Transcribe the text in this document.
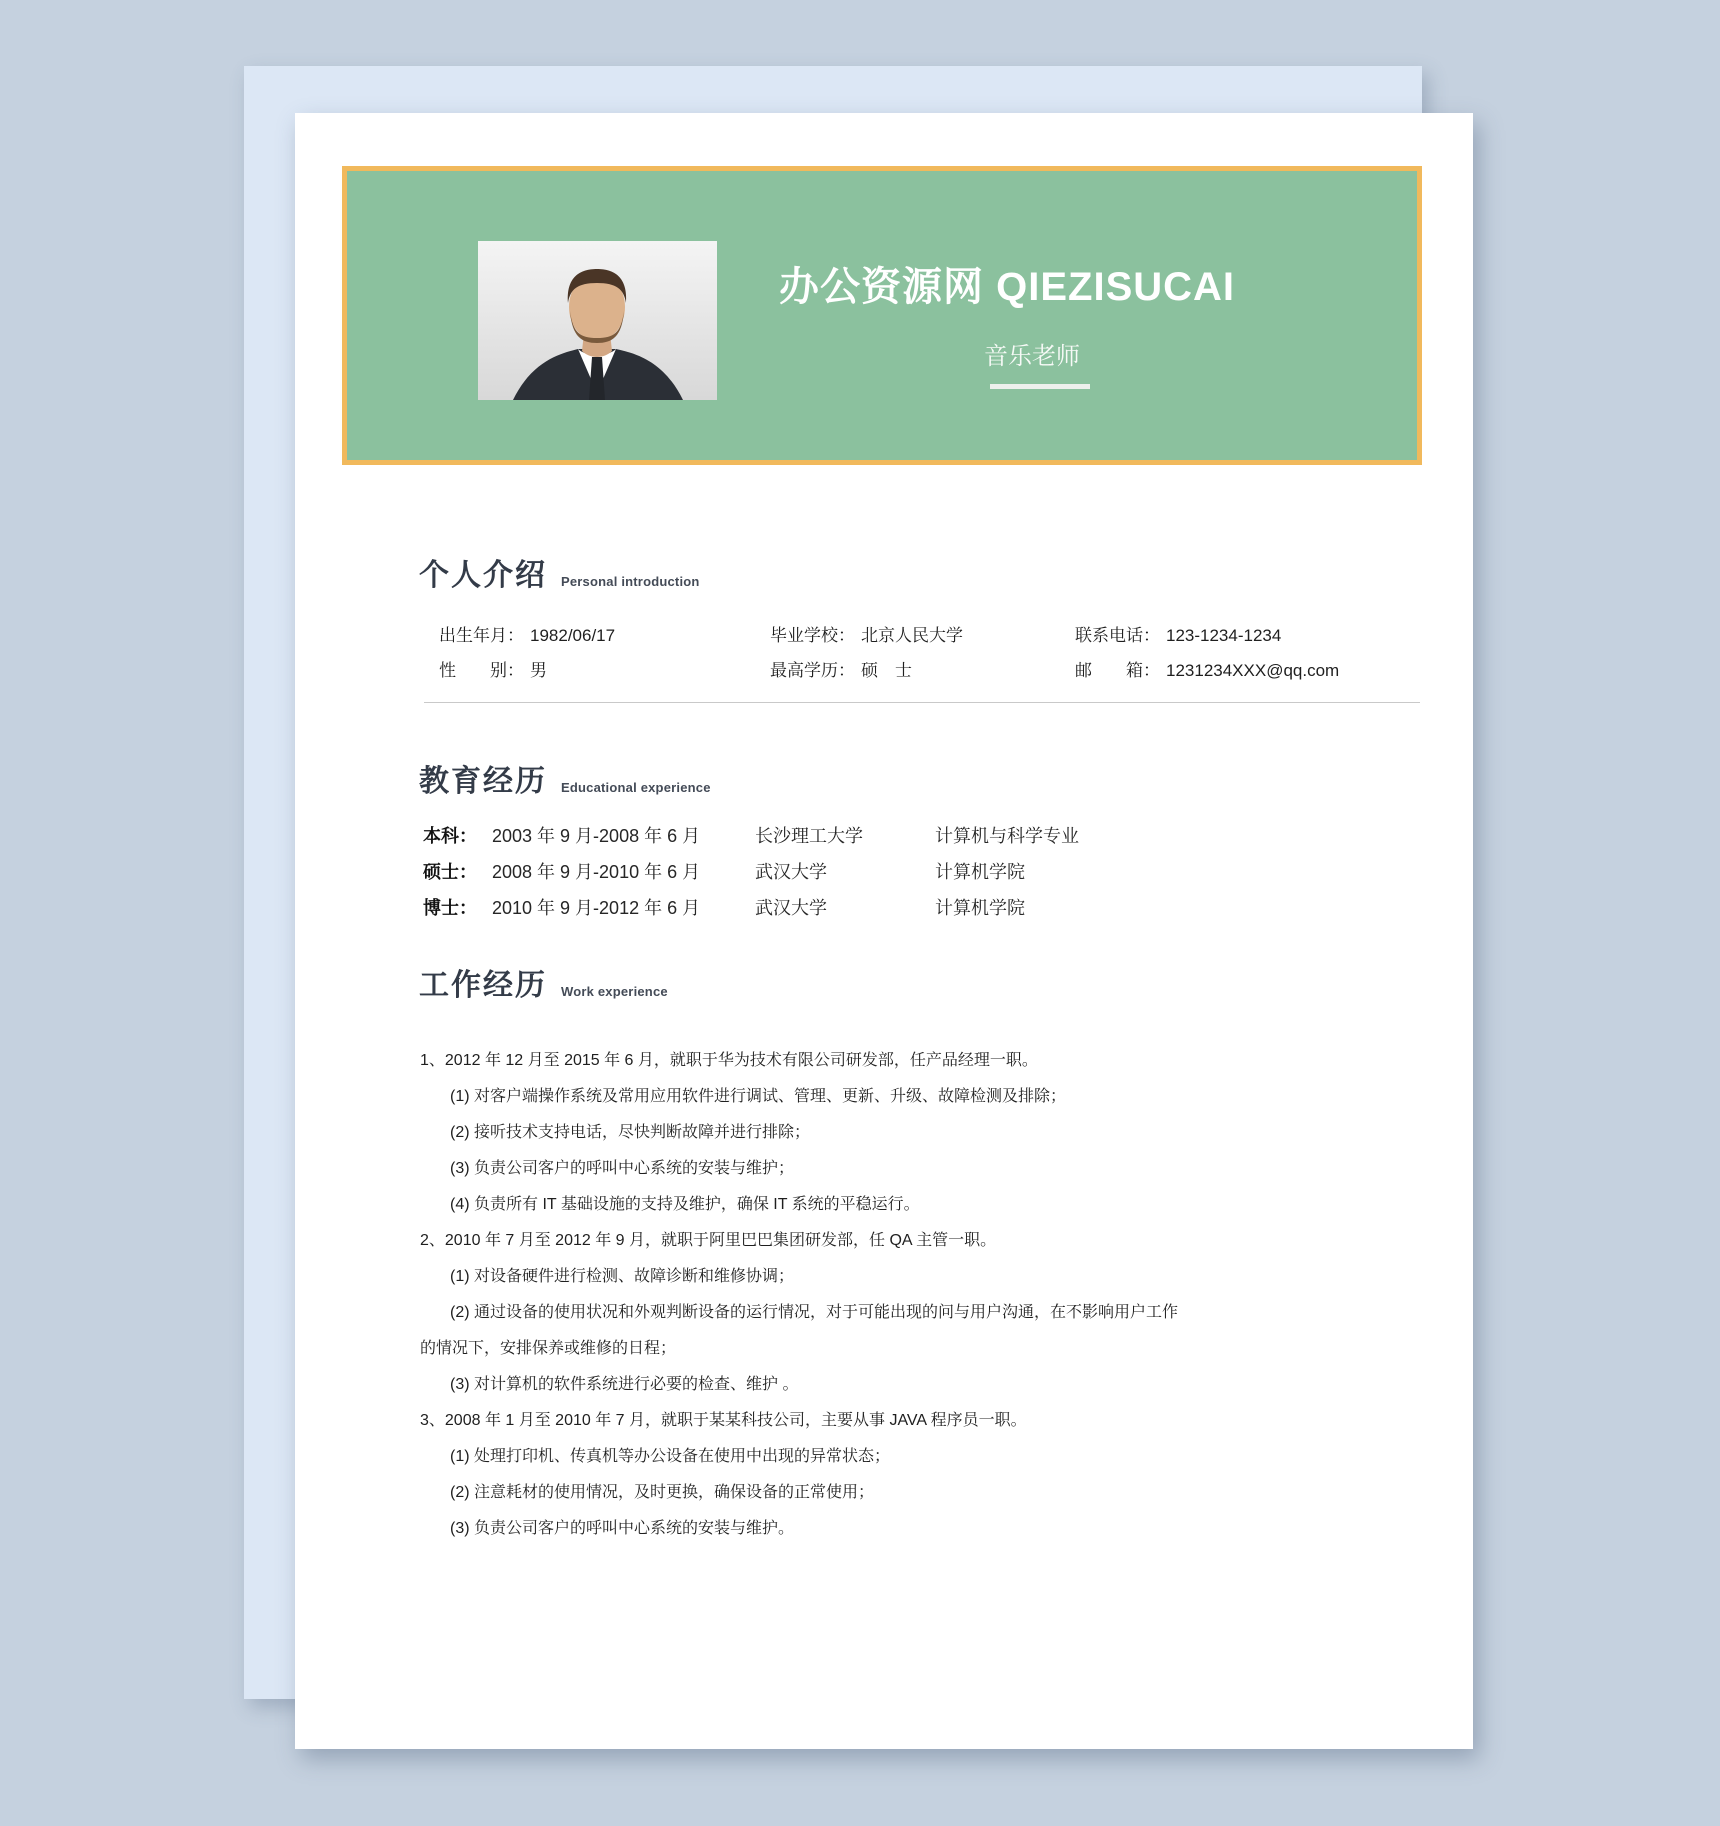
办公资源网 QIEZISUCAI
音乐老师
个人介绍 Personal introduction
出生年月： 1982/06/17	毕业学校： 北京人民大学	联系电话： 123-1234-1234
性　　别： 男	最高学历： 硕　士	邮　　箱： 1231234XXX@qq.com
教育经历 Educational experience
本科： 2003 年 9 月-2008 年 6 月	长沙理工大学	计算机与科学专业
硕士： 2008 年 9 月-2010 年 6 月	武汉大学	计算机学院
博士： 2010 年 9 月-2012 年 6 月	武汉大学	计算机学院
工作经历 Work experience

1、2012 年 12 月至 2015 年 6 月，就职于华为技术有限公司研发部，任产品经理一职。

(1) 对客户端操作系统及常用应用软件进行调试、管理、更新、升级、故障检测及排除；

(2) 接听技术支持电话，尽快判断故障并进行排除；

(3) 负责公司客户的呼叫中心系统的安装与维护；

(4) 负责所有 IT 基础设施的支持及维护，确保 IT 系统的平稳运行。

2、2010 年 7 月至 2012 年 9 月，就职于阿里巴巴集团研发部，任 QA 主管一职。

(1) 对设备硬件进行检测、故障诊断和维修协调；

(2) 通过设备的使用状况和外观判断设备的运行情况，对于可能出现的问与用户沟通，在不影响用户工作的情况下，安排保养或维修的日程；

(3) 对计算机的软件系统进行必要的检查、维护 。

3、2008 年 1 月至 2010 年 7 月，就职于某某科技公司，主要从事 JAVA 程序员一职。

(1) 处理打印机、传真机等办公设备在使用中出现的异常状态；

(2) 注意耗材的使用情况，及时更换，确保设备的正常使用；

(3) 负责公司客户的呼叫中心系统的安装与维护。
